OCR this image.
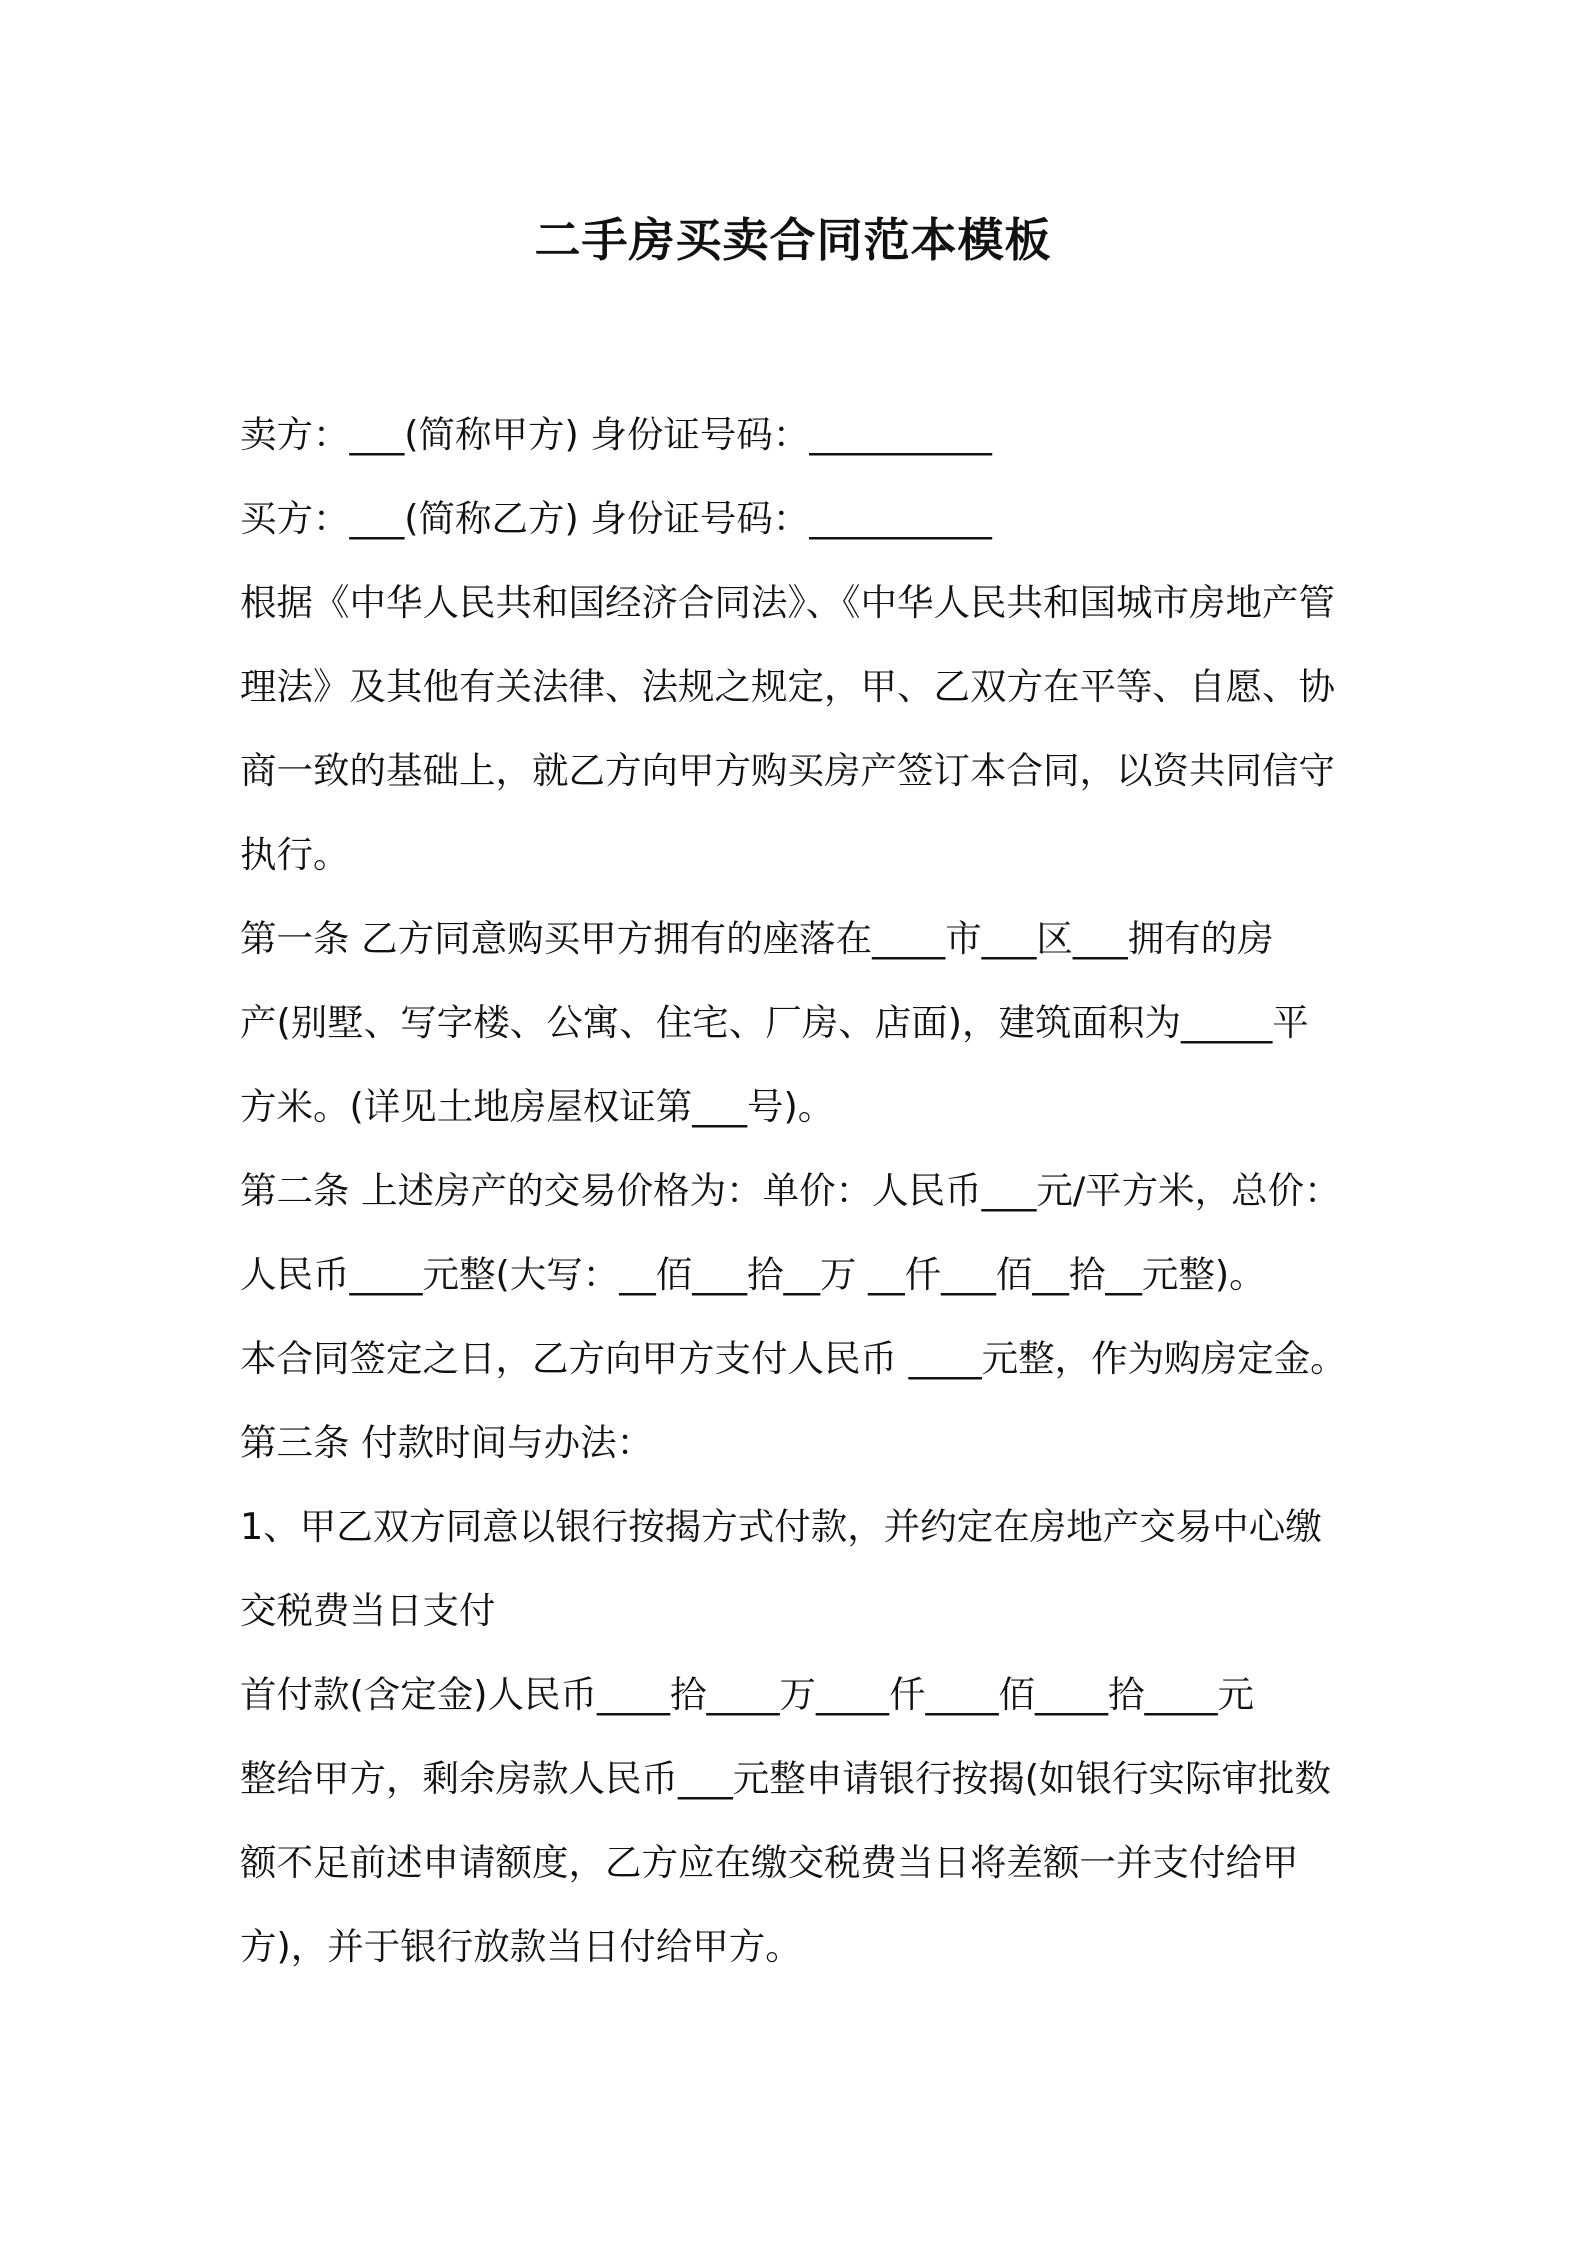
二手房买卖合同范本模板
卖方：___(简称甲方) 身份证号码：__________
买方：___(简称乙方) 身份证号码：__________
根据《中华人民共和国经济合同法》、《中华人民共和国城市房地产管
理法》及其他有关法律、法规之规定，甲、乙双方在平等、自愿、协
商一致的基础上，就乙方向甲方购买房产签订本合同，以资共同信守
执行。
第一条 乙方同意购买甲方拥有的座落在____市___区___拥有的房
产(别墅、写字楼、公寓、住宅、厂房、店面)，建筑面积为_____平
方米。(详见土地房屋权证第___号)。
第二条 上述房产的交易价格为：单价：人民币___元/平方米，总价：
人民币____元整(大写：__佰___拾__万 __仟___佰__拾__元整)。
本合同签定之日，乙方向甲方支付人民币 ____元整，作为购房定金。
第三条 付款时间与办法：
1、甲乙双方同意以银行按揭方式付款，并约定在房地产交易中心缴
交税费当日支付
首付款(含定金)人民币____拾____万____仟____佰____拾____元
整给甲方，剩余房款人民币___元整申请银行按揭(如银行实际审批数
额不足前述申请额度，乙方应在缴交税费当日将差额一并支付给甲
方)，并于银行放款当日付给甲方。
